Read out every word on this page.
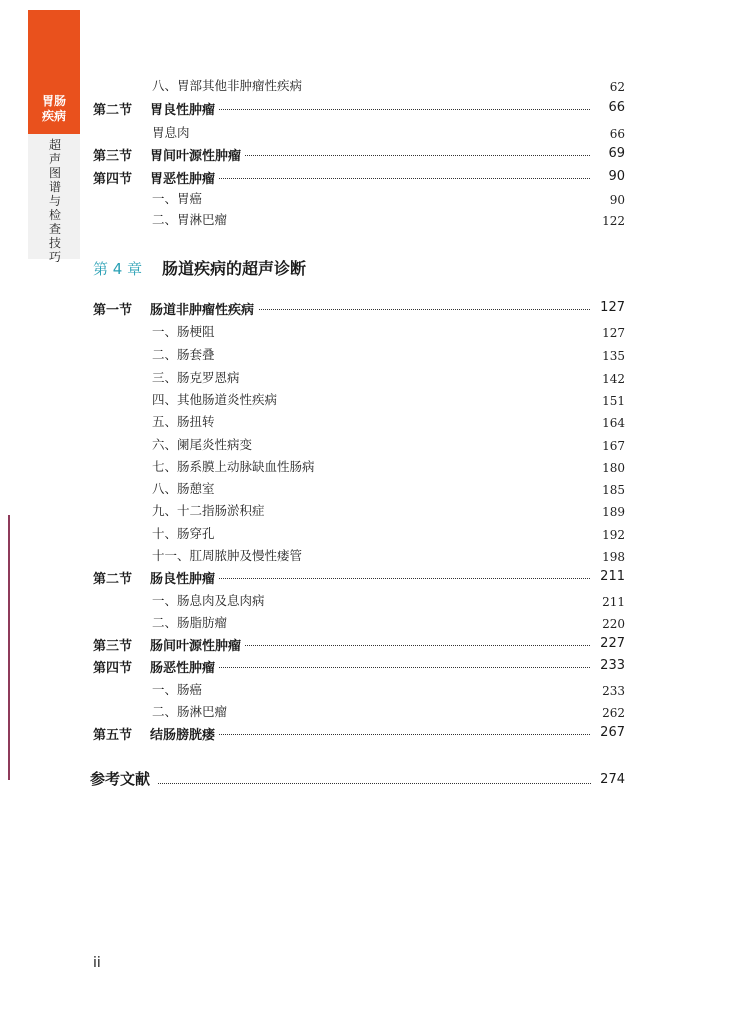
胃肠
疾病
超声图谱与检查技巧
八、胃部其他非肿瘤性疾病	62
第二节 胃良性肿瘤	66
胃息肉	66
第三节 胃间叶源性肿瘤	69
第四节 胃恶性肿瘤	90
一、胃癌	90
二、胃淋巴瘤	122
第 4 章 肠道疾病的超声诊断
第一节 肠道非肿瘤性疾病	127
一、肠梗阻	127
二、肠套叠	135
三、肠克罗恩病	142
四、其他肠道炎性疾病	151
五、肠扭转	164
六、阑尾炎性病变	167
七、肠系膜上动脉缺血性肠病	180
八、肠憩室	185
九、十二指肠淤积症	189
十、肠穿孔	192
十一、肛周脓肿及慢性瘘管	198
第二节 肠良性肿瘤	211
一、肠息肉及息肉病	211
二、肠脂肪瘤	220
第三节 肠间叶源性肿瘤	227
第四节 肠恶性肿瘤	233
一、肠癌	233
二、肠淋巴瘤	262
第五节 结肠膀胱瘘	267
参考文献	274
ii
